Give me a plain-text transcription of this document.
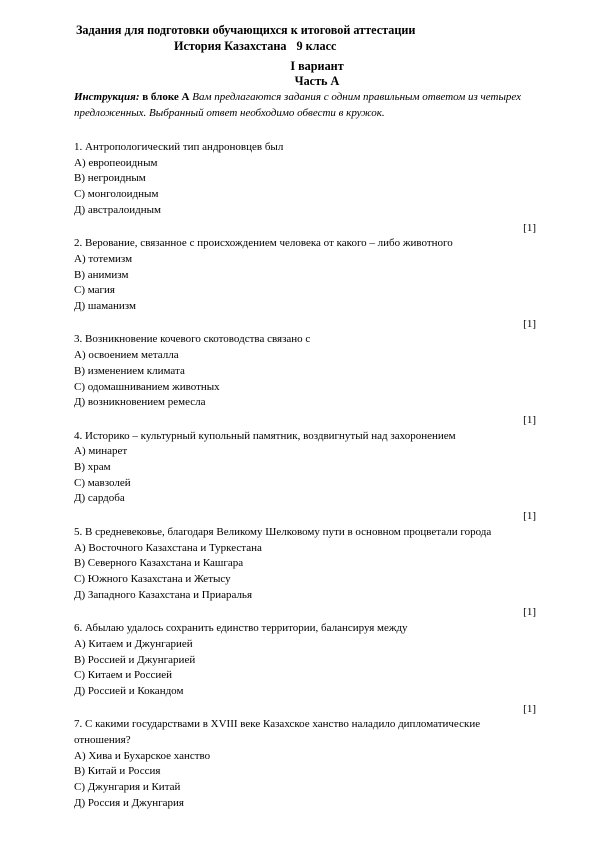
Задания для подготовки обучающихся к итоговой аттестации
История Казахстана 9 класс
I вариант
Часть А
Инструкция: в блоке А Вам предлагаются задания с одним правильным ответом из четырех предложенных. Выбранный ответ необходимо обвести в кружок.
1. Антропологический тип андроновцев был
А) европеоидным
В) негроидным
С) монголоидным
Д) австралоидным
[1]
2. Верование, связанное с происхождением человека от какого – либо животного
А) тотемизм
В) анимизм
С) магия
Д) шаманизм
[1]
3. Возникновение кочевого скотоводства связано с
А) освоением металла
В) изменением климата
С) одомашниванием животных
Д) возникновением ремесла
[1]
4. Историко – культурный купольный памятник, воздвигнутый над захоронением
А) минарет
В) храм
С) мавзолей
Д) сардоба
[1]
5. В средневековье, благодаря Великому Шелковому пути в основном процветали города
А) Восточного Казахстана и Туркестана
В) Северного Казахстана и Кашгара
С) Южного Казахстана и Жетысу
Д) Западного Казахстана и Приаралья
[1]
6. Абылаю удалось сохранить единство территории, балансируя между
А) Китаем и Джунгарией
В) Россией и Джунгарией
С) Китаем и Россией
Д) Россией и Кокандом
[1]
7. С какими государствами в XVIII веке Казахское ханство наладило дипломатические отношения?
А) Хива и Бухарское ханство
В) Китай и Россия
С) Джунгария и Китай
Д) Россия и Джунгария
